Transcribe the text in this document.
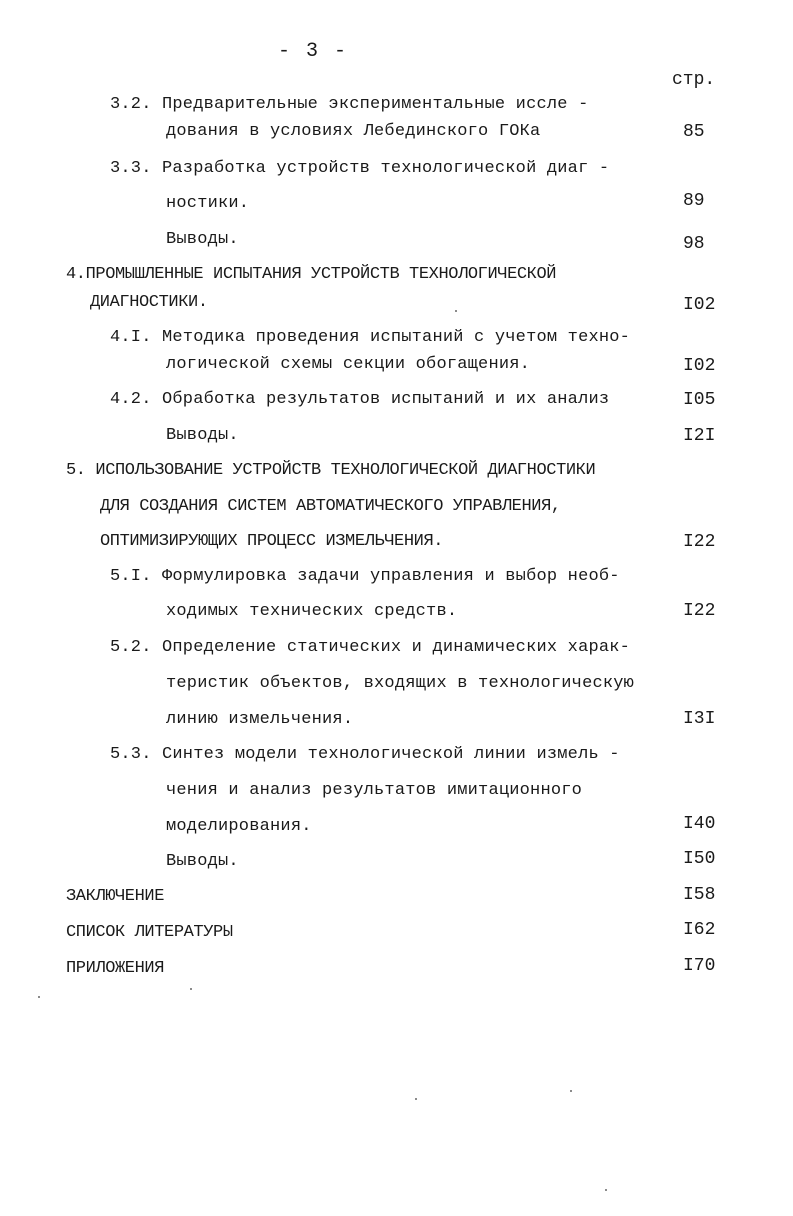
- 3 -
стр.
3.2. Предварительные экспериментальные иссле -
дования в условиях Лебединского ГОКа	85
3.3. Разработка устройств технологической диаг -
ностики.	89
Выводы.	98
4.ПРОМЫШЛЕННЫЕ ИСПЫТАНИЯ УСТРОЙСТВ ТЕХНОЛОГИЧЕСКОЙ
ДИАГНОСТИКИ.	I02
4.I. Методика проведения испытаний с учетом техно-
логической схемы секции обогащения.	I02
4.2. Обработка результатов испытаний и их анализ	I05
Выводы.	I2I
5. ИСПОЛЬЗОВАНИЕ УСТРОЙСТВ ТЕХНОЛОГИЧЕСКОЙ ДИАГНОСТИКИ
ДЛЯ СОЗДАНИЯ СИСТЕМ АВТОМАТИЧЕСКОГО УПРАВЛЕНИЯ,
ОПТИМИЗИРУЮЩИХ ПРОЦЕСС ИЗМЕЛЬЧЕНИЯ.	I22
5.I. Формулировка задачи управления и выбор необ-
ходимых технических средств.	I22
5.2. Определение статических и динамических харак-
теристик объектов, входящих в технологическую
линию измельчения.	I3I
5.3. Синтез модели технологической линии измель -
чения и анализ результатов имитационного
моделирования.	I40
Выводы.	I50
ЗАКЛЮЧЕНИЕ	I58
СПИСОК ЛИТЕРАТУРЫ	I62
ПРИЛОЖЕНИЯ	I70
